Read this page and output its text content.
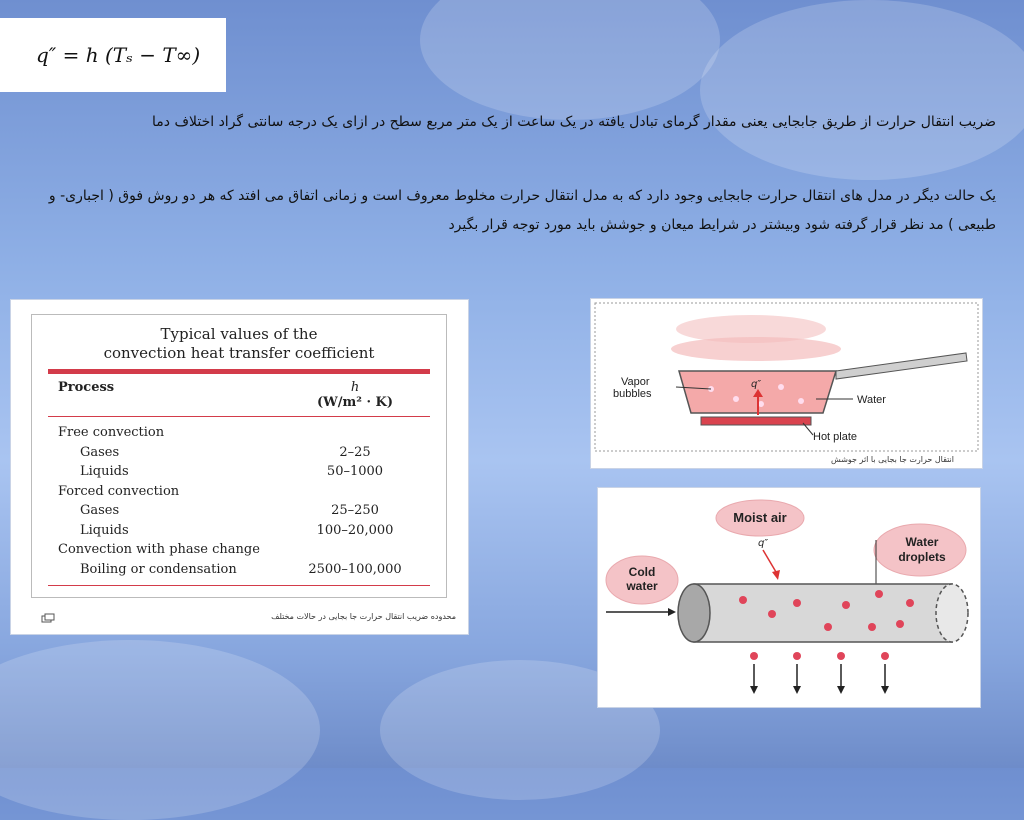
q″ = h (Tₛ − T∞)
ضریب انتقال حرارت از طریق جابجایی یعنی مقدار گرمای تبادل یافته در یک ساعت از یک متر مربع سطح در ازای یک درجه سانتی گراد اختلاف دما
یک حالت دیگر در مدل های انتقال حرارت جابجایی وجود دارد که به مدل انتقال حرارت مخلوط معروف است و زمانی اتفاق می افتد که هر دو روش فوق ( اجباری- و طبیعی ) مد نظر قرار گرفته شود وبیشتر در شرایط میعان و جوشش باید مورد توجه قرار بگیرد
Typical values of the
convection heat transfer coefficient
Process	h
(W/m² · K)
Free convection
Gases	2–25
Liquids	50–1000
Forced convection
Gases	25–250
Liquids	100–20,000
Convection with phase change
Boiling or condensation	2500–100,000
محدوده ضریب انتقال حرارت جا بجایی در حالات مختلف
Vapor
bubbles
q″
Water
Hot plate
انتقال حرارت جا بجایی با اثر جوشش
Moist air
q″	Water
droplets
Cold
water
